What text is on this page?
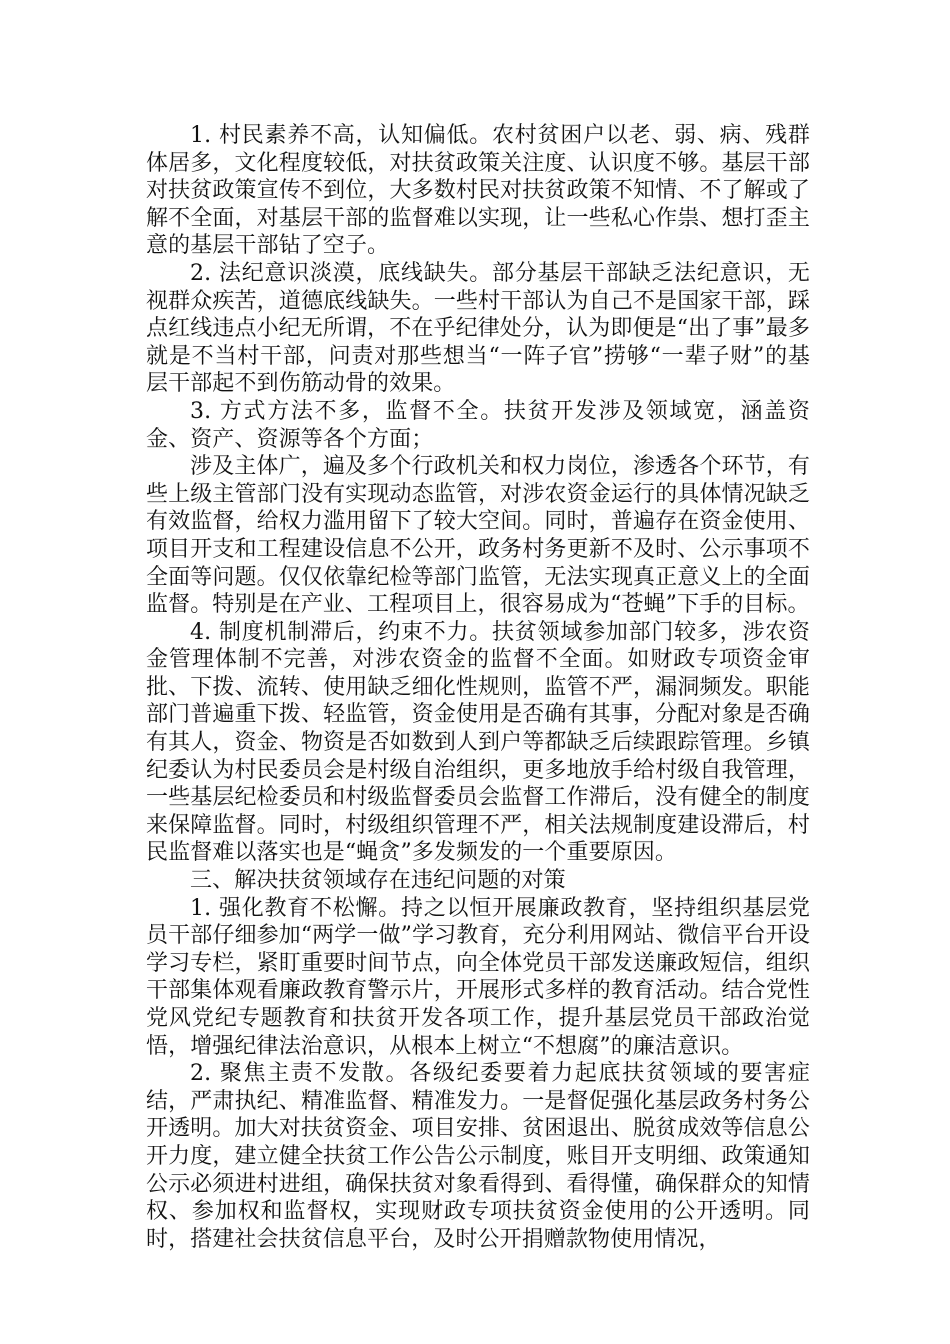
1. 村民素养不高，认知偏低。农村贫困户以老、弱、病、残群体居多，文化程度较低，对扶贫政策关注度、认识度不够。基层干部对扶贫政策宣传不到位，大多数村民对扶贫政策不知情、不了解或了解不全面，对基层干部的监督难以实现，让一些私心作祟、想打歪主意的基层干部钻了空子。

2. 法纪意识淡漠，底线缺失。部分基层干部缺乏法纪意识，无视群众疾苦，道德底线缺失。一些村干部认为自己不是国家干部，踩点红线违点小纪无所谓，不在乎纪律处分，认为即便是“出了事”最多就是不当村干部，问责对那些想当“一阵子官”捞够“一辈子财”的基层干部起不到伤筋动骨的效果。

3. 方式方法不多，监督不全。扶贫开发涉及领域宽，涵盖资金、资产、资源等各个方面；

涉及主体广，遍及多个行政机关和权力岗位，渗透各个环节，有些上级主管部门没有实现动态监管，对涉农资金运行的具体情况缺乏有效监督，给权力滥用留下了较大空间。同时，普遍存在资金使用、项目开支和工程建设信息不公开，政务村务更新不及时、公示事项不全面等问题。仅仅依靠纪检等部门监管，无法实现真正意义上的全面监督。特别是在产业、工程项目上，很容易成为“苍蝇”下手的目标。

4. 制度机制滞后，约束不力。扶贫领域参加部门较多，涉农资金管理体制不完善，对涉农资金的监督不全面。如财政专项资金审批、下拨、流转、使用缺乏细化性规则，监管不严，漏洞频发。职能部门普遍重下拨、轻监管，资金使用是否确有其事，分配对象是否确有其人，资金、物资是否如数到人到户等都缺乏后续跟踪管理。乡镇纪委认为村民委员会是村级自治组织，更多地放手给村级自我管理，一些基层纪检委员和村级监督委员会监督工作滞后，没有健全的制度来保障监督。同时，村级组织管理不严，相关法规制度建设滞后，村民监督难以落实也是“蝇贪”多发频发的一个重要原因。

三、解决扶贫领域存在违纪问题的对策

1. 强化教育不松懈。持之以恒开展廉政教育，坚持组织基层党员干部仔细参加“两学一做”学习教育，充分利用网站、微信平台开设学习专栏，紧盯重要时间节点，向全体党员干部发送廉政短信，组织干部集体观看廉政教育警示片，开展形式多样的教育活动。结合党性党风党纪专题教育和扶贫开发各项工作，提升基层党员干部政治觉悟，增强纪律法治意识，从根本上树立“不想腐”的廉洁意识。

2. 聚焦主责不发散。各级纪委要着力起底扶贫领域的要害症结，严肃执纪、精准监督、精准发力。一是督促强化基层政务村务公开透明。加大对扶贫资金、项目安排、贫困退出、脱贫成效等信息公开力度，建立健全扶贫工作公告公示制度，账目开支明细、政策通知公示必须进村进组，确保扶贫对象看得到、看得懂，确保群众的知情权、参加权和监督权，实现财政专项扶贫资金使用的公开透明。同时，搭建社会扶贫信息平台，及时公开捐赠款物使用情况，
